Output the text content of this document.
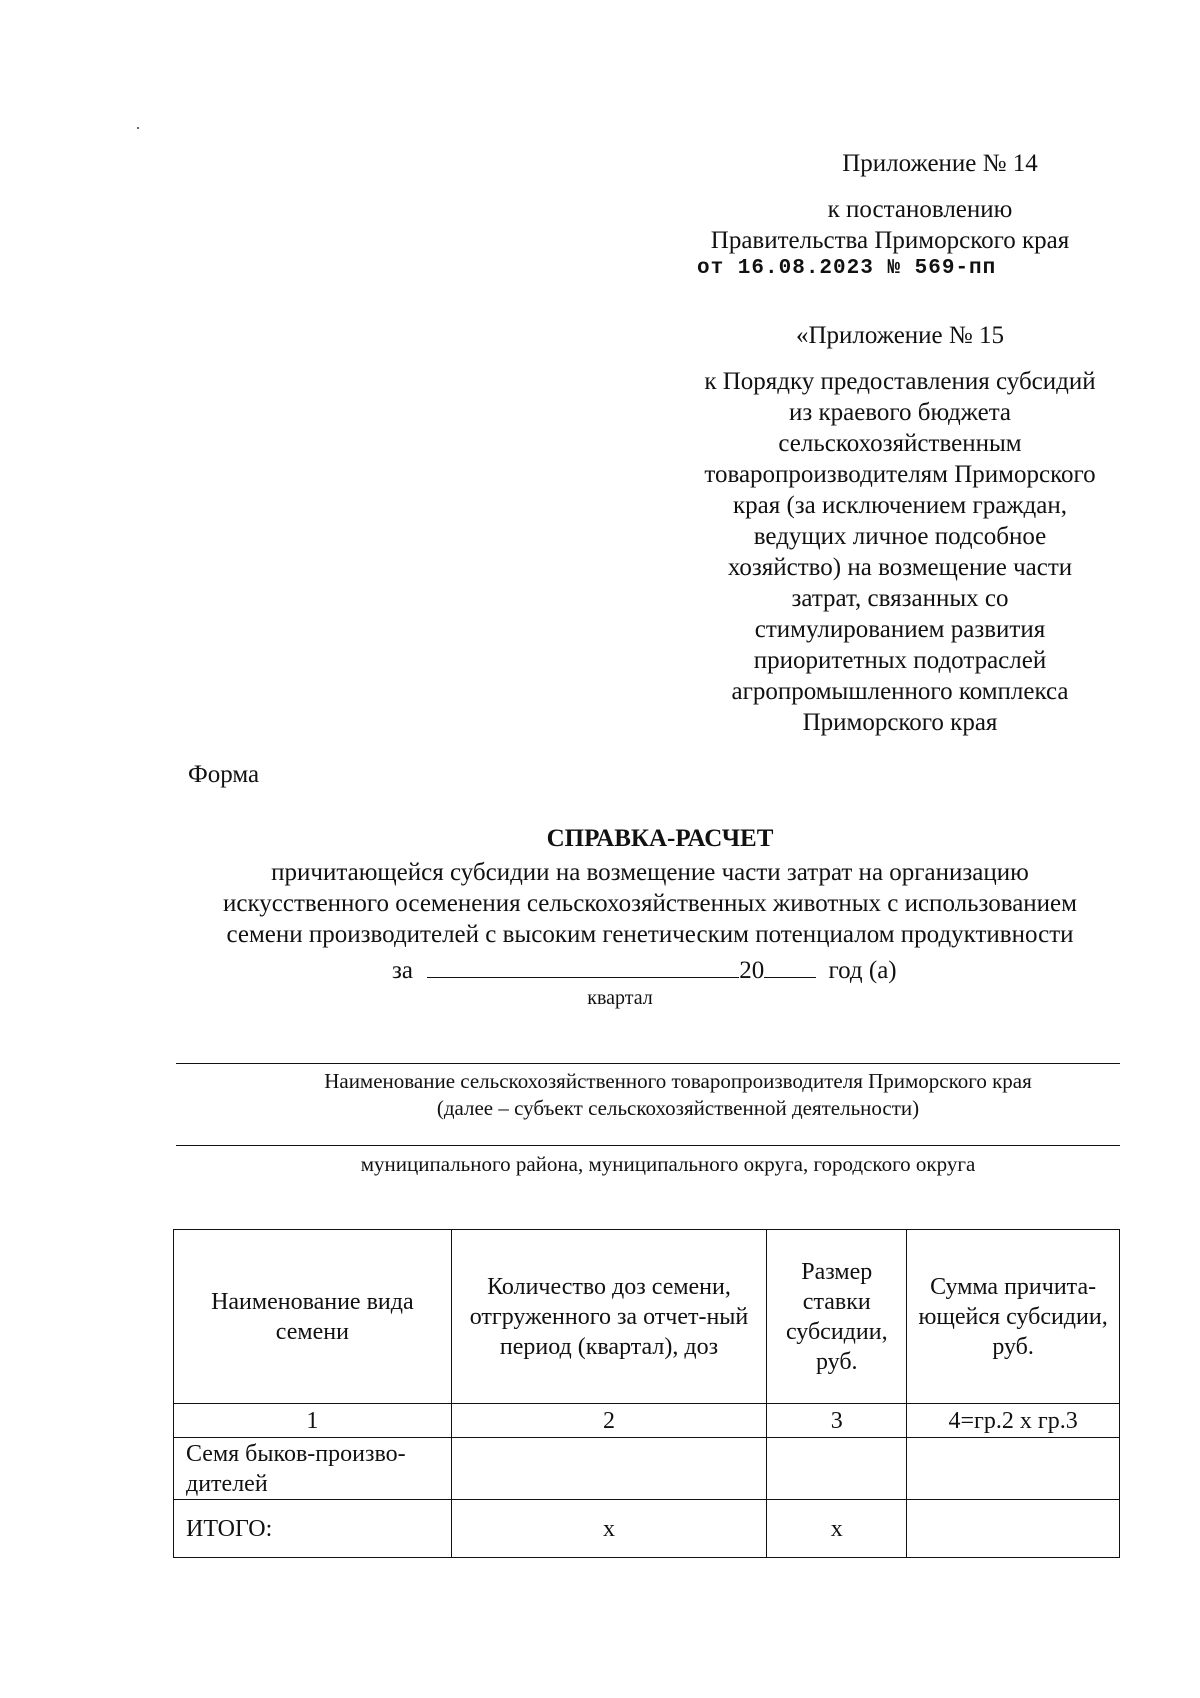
Приложение № 14
к постановлению
Правительства Приморского края
от 16.08.2023 № 569-пп
«Приложение № 15
к Порядку предоставления субсидий
из краевого бюджета
сельскохозяйственным
товаропроизводителям Приморского
края (за исключением граждан,
ведущих личное подсобное
хозяйство) на возмещение части
затрат, связанных со
стимулированием развития
приоритетных подотраслей
агропромышленного комплекса
Приморского края
Форма
СПРАВКА-РАСЧЕТ
причитающейся субсидии на возмещение части затрат на организацию
искусственного осеменения сельскохозяйственных животных с использованием
семени производителей с высоким генетическим потенциалом продуктивности
за	20	год (а)
квартал
Наименование сельскохозяйственного товаропроизводителя Приморского края
(далее – субъект сельскохозяйственной деятельности)
муниципального района, муниципального округа, городского округа
Наименование вида семени	Количество доз семени, отгруженного за отчет-ный период (квартал), доз	Размер ставки субсидии, руб.	Сумма причита-ющейся субсидии, руб.
1	2	3	4=гр.2 х гр.3
Семя быков-произво-дителей			
ИТОГО:	х	х	
